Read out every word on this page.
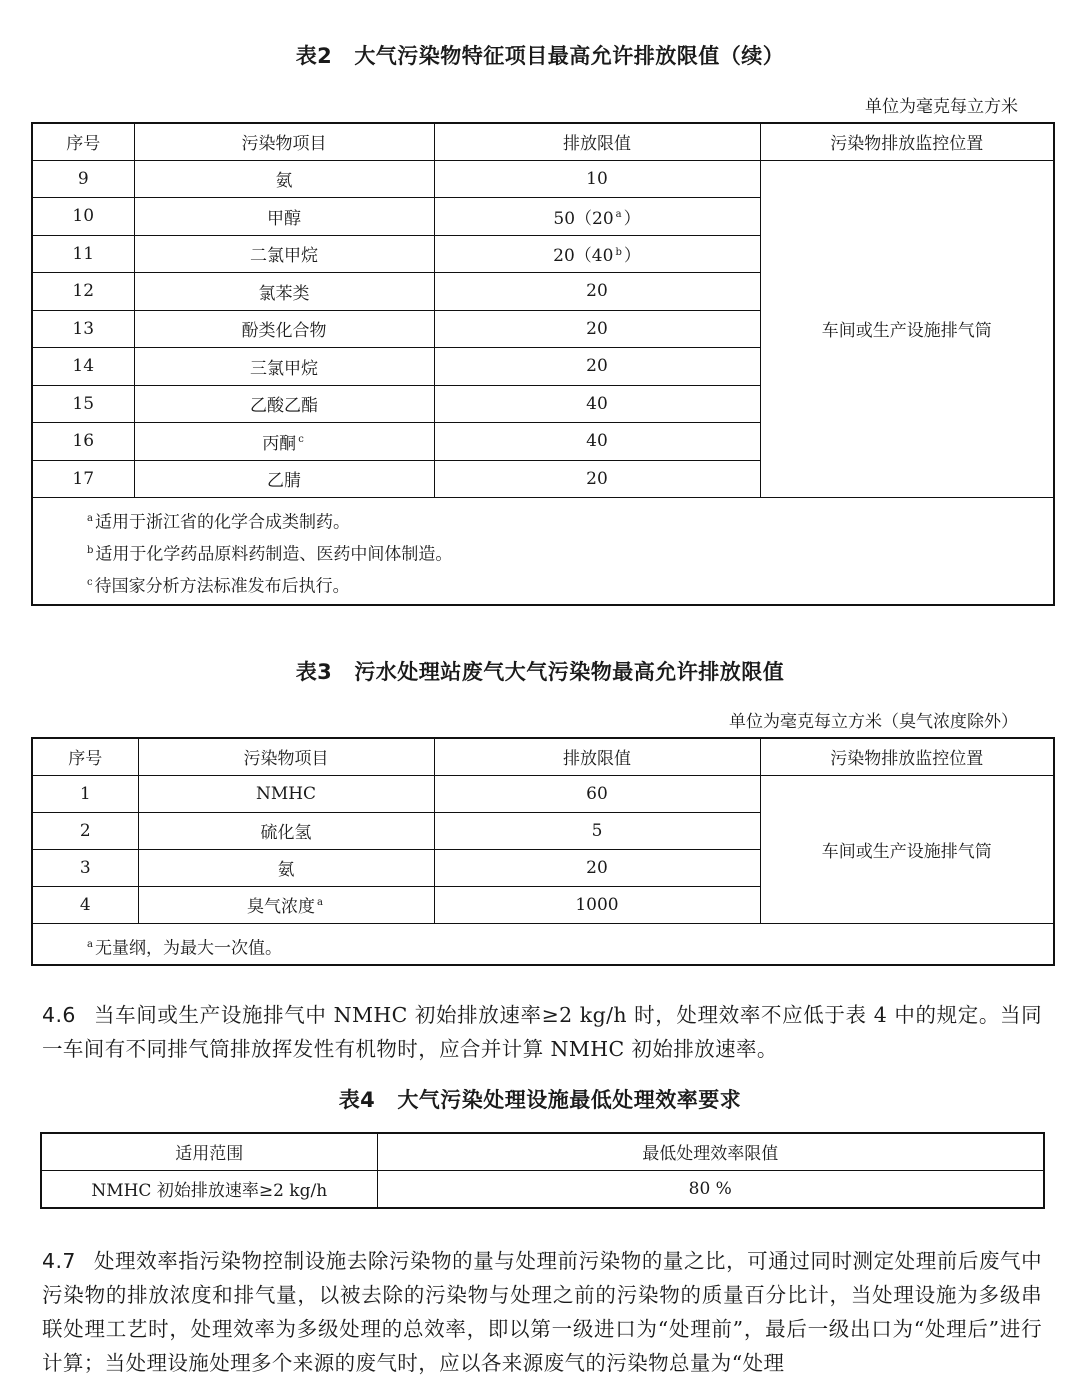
表2 大气污染物特征项目最高允许排放限值（续）
单位为毫克每立方米
序号	污染物项目	排放限值	污染物排放监控位置
9	氨	10	车间或生产设施排气筒
10	甲醇	50（20 $^a$ ）	
11	二氯甲烷	20（40 $^b$ ）	
12	氯苯类	20	
13	酚类化合物	20	
14	三氯甲烷	20	
15	乙酸乙酯	40	
16	丙酮 $^c$	40	
17	乙腈	20	

$^a$ 适用于浙江省的化学合成类制药。
$^b$ 适用于化学药品原料药制造、医药中间体制造。
$^c$ 待国家分析方法标准发布后执行。			
表3 污水处理站废气大气污染物最高允许排放限值
单位为毫克每立方米（臭气浓度除外）
序号	污染物项目	排放限值	污染物排放监控位置
1	NMHC	60	车间或生产设施排气筒
2	硫化氢	5	
3	氨	20	
4	臭气浓度 $^a$	1000	

$^a$ 无量纲，为最大一次值。			
4.6 当车间或生产设施排气中 NMHC 初始排放速率≥2 kg/h 时，处理效率不应低于表 4 中的规定。当同一车间有不同排气筒排放挥发性有机物时，应合并计算 NMHC 初始排放速率。
表4 大气污染处理设施最低处理效率要求
适用范围	最低处理效率限值
NMHC 初始排放速率≥2 kg/h	80 %
4.7 处理效率指污染物控制设施去除污染物的量与处理前污染物的量之比，可通过同时测定处理前后废气中污染物的排放浓度和排气量，以被去除的污染物与处理之前的污染物的质量百分比计，当处理设施为多级串联处理工艺时，处理效率为多级处理的总效率，即以第一级进口为“处理前”，最后一级出口为“处理后”进行计算；当处理设施处理多个来源的废气时，应以各来源废气的污染物总量为“处理
